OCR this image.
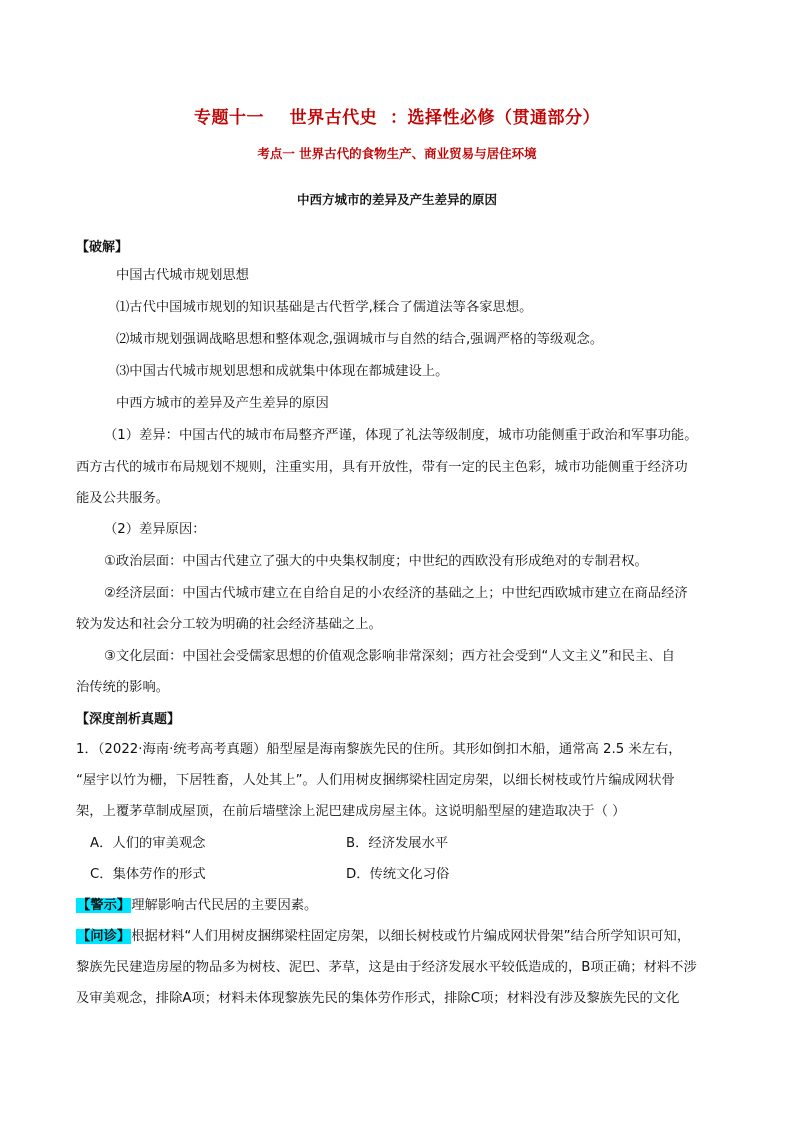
专题十一    世界古代史  ：选择性必修（贯通部分）
考点一 世界古代的食物生产、商业贸易与居住环境
中西方城市的差异及产生差异的原因
【破解】
中国古代城市规划思想
⑴古代中国城市规划的知识基础是古代哲学,糅合了儒道法等各家思想。
⑵城市规划强调战略思想和整体观念,强调城市与自然的结合,强调严格的等级观念。
⑶中国古代城市规划思想和成就集中体现在都城建设上。
中西方城市的差异及产生差异的原因
（1）差异：中国古代的城市布局整齐严谨，体现了礼法等级制度，城市功能侧重于政治和军事功能。
西方古代的城市布局规划不规则，注重实用，具有开放性，带有一定的民主色彩，城市功能侧重于经济功
能及公共服务。
（2）差异原因：
①政治层面：中国古代建立了强大的中央集权制度；中世纪的西欧没有形成绝对的专制君权。
②经济层面：中国古代城市建立在自给自足的小农经济的基础之上；中世纪西欧城市建立在商品经济
较为发达和社会分工较为明确的社会经济基础之上。
③文化层面：中国社会受儒家思想的价值观念影响非常深刻；西方社会受到“人文主义”和民主、自
治传统的影响。
【深度剖析真题】
1．（2022·海南·统考高考真题）船型屋是海南黎族先民的住所。其形如倒扣木船，通常高 2.5 米左右，
“屋宇以竹为栅，下居牲畜，人处其上”。人们用树皮捆绑梁柱固定房架，以细长树枝或竹片编成网状骨
架，上覆茅草制成屋顶，在前后墙壁涂上泥巴建成房屋主体。这说明船型屋的建造取决于（ ）
A．人们的审美观念	B．经济发展水平
C．集体劳作的形式	D．传统文化习俗
【警示】理解影响古代民居的主要因素。
【问诊】根据材料“人们用树皮捆绑梁柱固定房架，以细长树枝或竹片编成网状骨架”结合所学知识可知，
黎族先民建造房屋的物品多为树枝、泥巴、茅草，这是由于经济发展水平较低造成的，B项正确；材料不涉
及审美观念，排除A项；材料未体现黎族先民的集体劳作形式，排除C项；材料没有涉及黎族先民的文化
